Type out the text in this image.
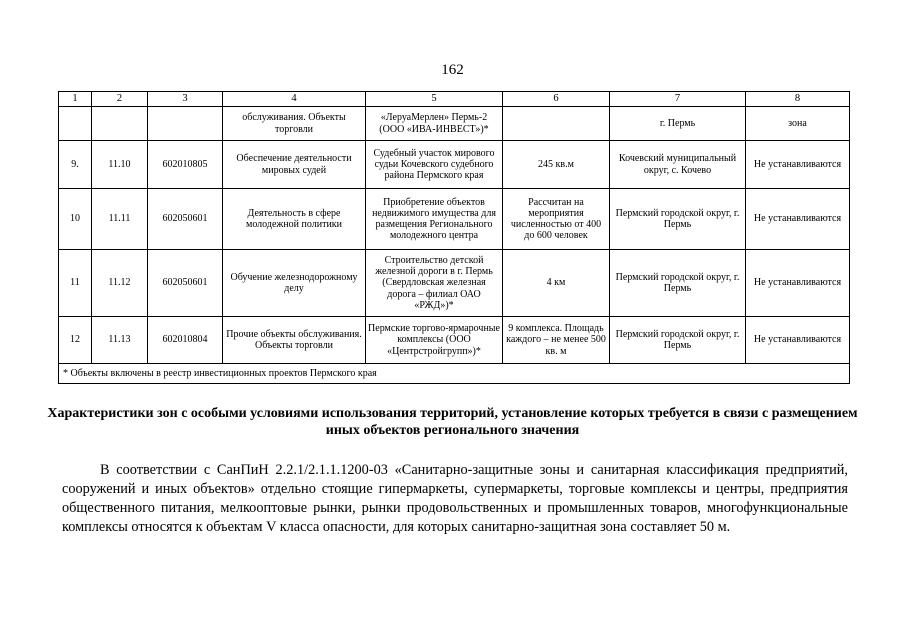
162
1	2	3	4	5	6	7	8
			обслуживания. Объекты торговли	«ЛеруаМерлен» Пермь-2 (ООО «ИВА-ИНВЕСТ»)*		г. Пермь	зона
9.	11.10	602010805	Обеспечение деятельности мировых судей	Судебный участок мирового судьи Кочевского судебного района Пермского края	245 кв.м	Кочевский муниципальный округ, с. Кочево	Не устанавливаются
10	11.11	602050601	Деятельность в сфере молодежной политики	Приобретение объектов недвижимого имущества для размещения Регионального молодежного центра	Рассчитан на мероприятия численностью от 400 до 600 человек	Пермский городской округ, г. Пермь	Не устанавливаются
11	11.12	602050601	Обучение железнодорожному делу	Строительство детской железной дороги в г. Пермь (Свердловская железная дорога – филиал ОАО «РЖД»)*	4 км	Пермский городской округ, г. Пермь	Не устанавливаются
12	11.13	602010804	Прочие объекты обслуживания. Объекты торговли	Пермские торгово-ярмарочные комплексы (ООО «Центрстройгрупп»)*	9 комплекса. Площадь каждого – не менее 500 кв. м	Пермский городской округ, г. Пермь	Не устанавливаются
* Объекты включены в реестр инвестиционных проектов Пермского края							
Характеристики зон с особыми условиями использования территорий, установление которых требуется в связи с размещением иных объектов регионального значения

В соответствии с СанПиН 2.2.1/2.1.1.1200-03 «Санитарно-защитные зоны и санитарная классификация предприятий, сооружений и иных объектов» отдельно стоящие гипермаркеты, супермаркеты, торговые комплексы и центры, предприятия общественного питания, мелкооптовые рынки, рынки продовольственных и промышленных товаров, многофункциональные комплексы относятся к объектам V класса опасности, для которых санитарно-защитная зона составляет 50 м.
